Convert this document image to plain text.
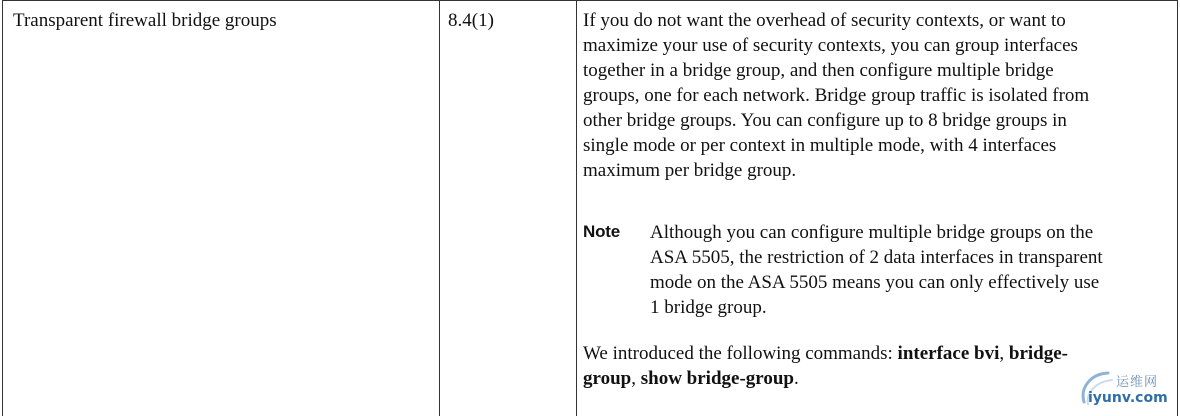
Transparent firewall bridge groups	8.4(1)	If you do not want the overhead of security contexts, or want to maximize your use of security contexts, you can group interfaces together in a bridge group, and then configure multiple bridge groups, one for each network. Bridge group traffic is isolated from other bridge groups. You can configure up to 8 bridge groups in single mode or per context in multiple mode, with 4 interfaces maximum per bridge group.

Note Although you can configure multiple bridge groups on the ASA 5505, the restriction of 2 data interfaces in transparent mode on the ASA 5505 means you can only effectively use 1 bridge group.

We introduced the following commands: interface bvi, bridge-group, show bridge-group.	运维网
iyunv.com
